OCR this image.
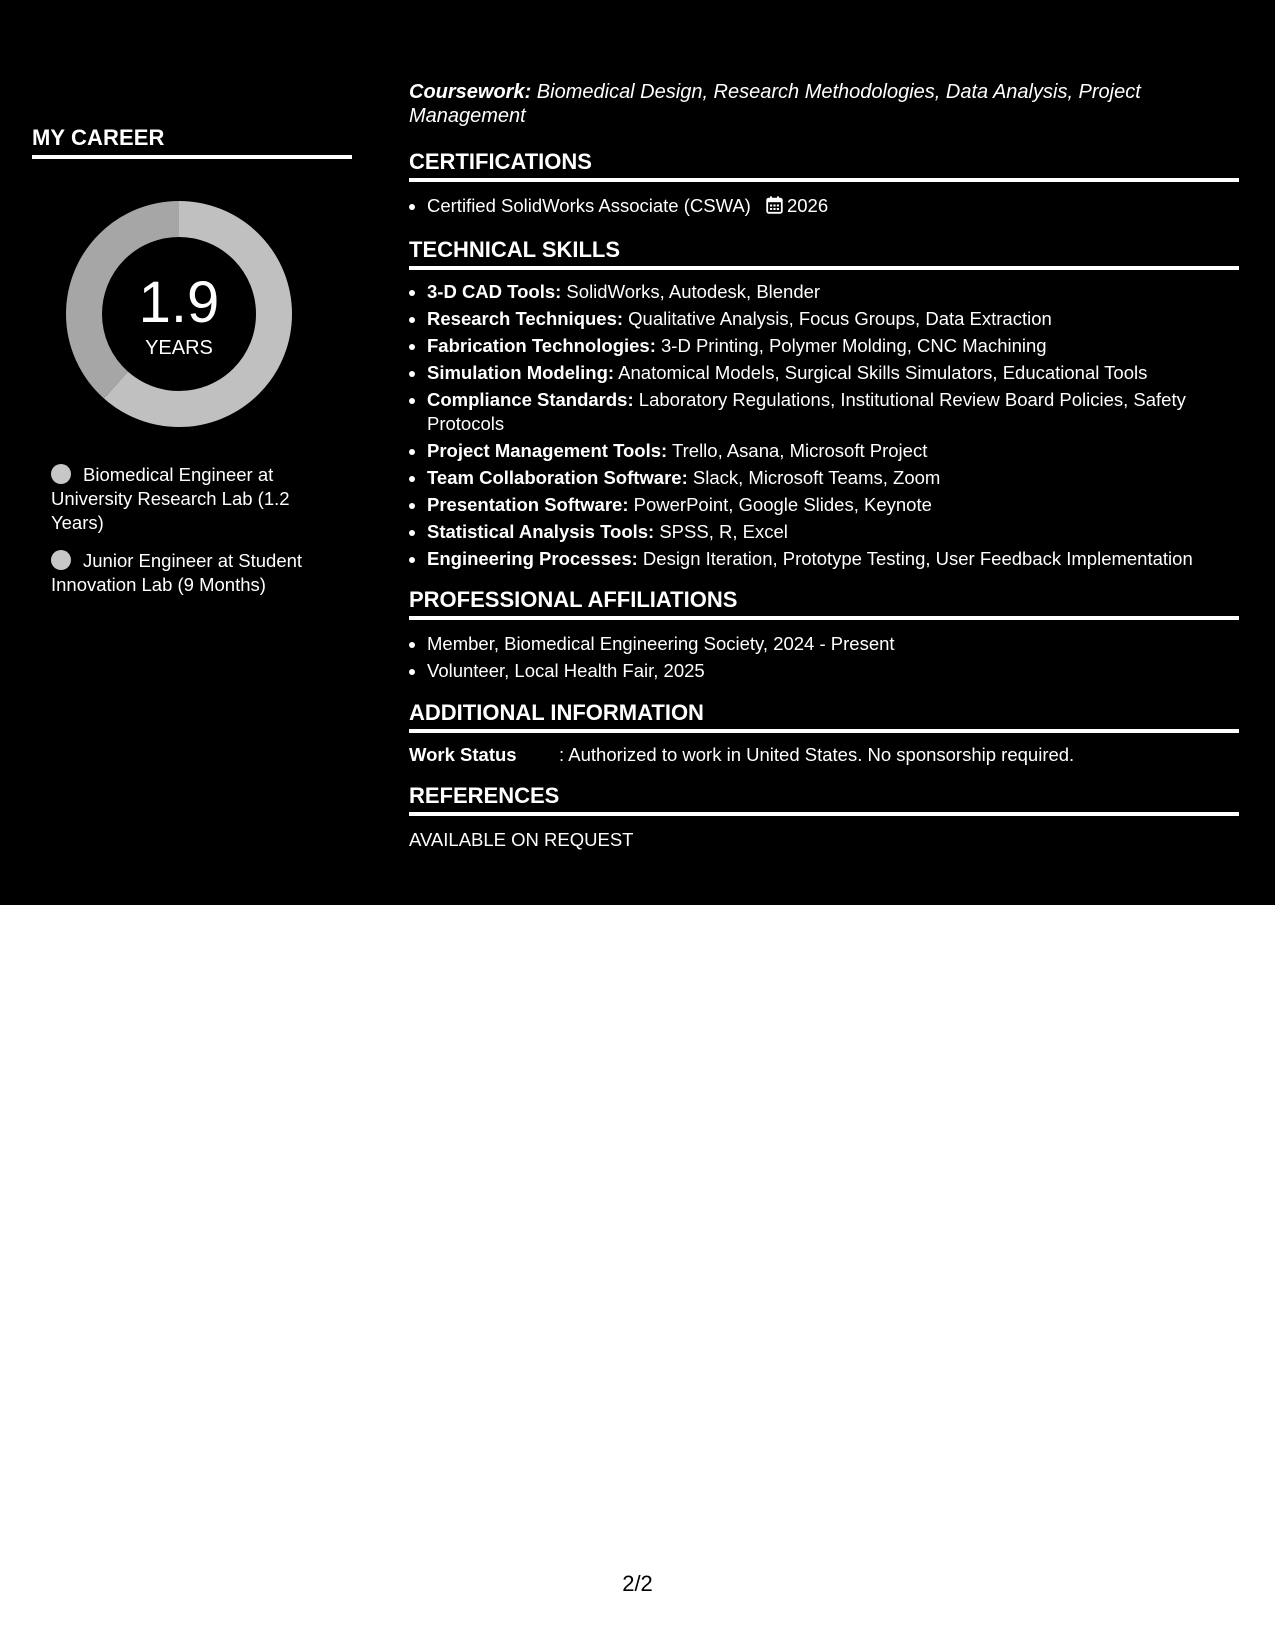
MY CAREER
1.9
YEARS
Biomedical Engineer at University Research Lab (1.2 Years)
Junior Engineer at Student Innovation Lab (9 Months)

Coursework: Biomedical Design, Research Methodologies, Data Analysis, Project Management

CERTIFICATIONS
• Certified SolidWorks Associate (CSWA) 2026
TECHNICAL SKILLS
• 3-D CAD Tools: SolidWorks, Autodesk, Blender
• Research Techniques: Qualitative Analysis, Focus Groups, Data Extraction
• Fabrication Technologies: 3-D Printing, Polymer Molding, CNC Machining
• Simulation Modeling: Anatomical Models, Surgical Skills Simulators, Educational Tools
• Compliance Standards: Laboratory Regulations, Institutional Review Board Policies, Safety Protocols
• Project Management Tools: Trello, Asana, Microsoft Project
• Team Collaboration Software: Slack, Microsoft Teams, Zoom
• Presentation Software: PowerPoint, Google Slides, Keynote
• Statistical Analysis Tools: SPSS, R, Excel
• Engineering Processes: Design Iteration, Prototype Testing, User Feedback Implementation
PROFESSIONAL AFFILIATIONS
• Member, Biomedical Engineering Society, 2024 - Present
• Volunteer, Local Health Fair, 2025
ADDITIONAL INFORMATION
Work Status : Authorized to work in United States. No sponsorship required.
REFERENCES
AVAILABLE ON REQUEST
2/2
